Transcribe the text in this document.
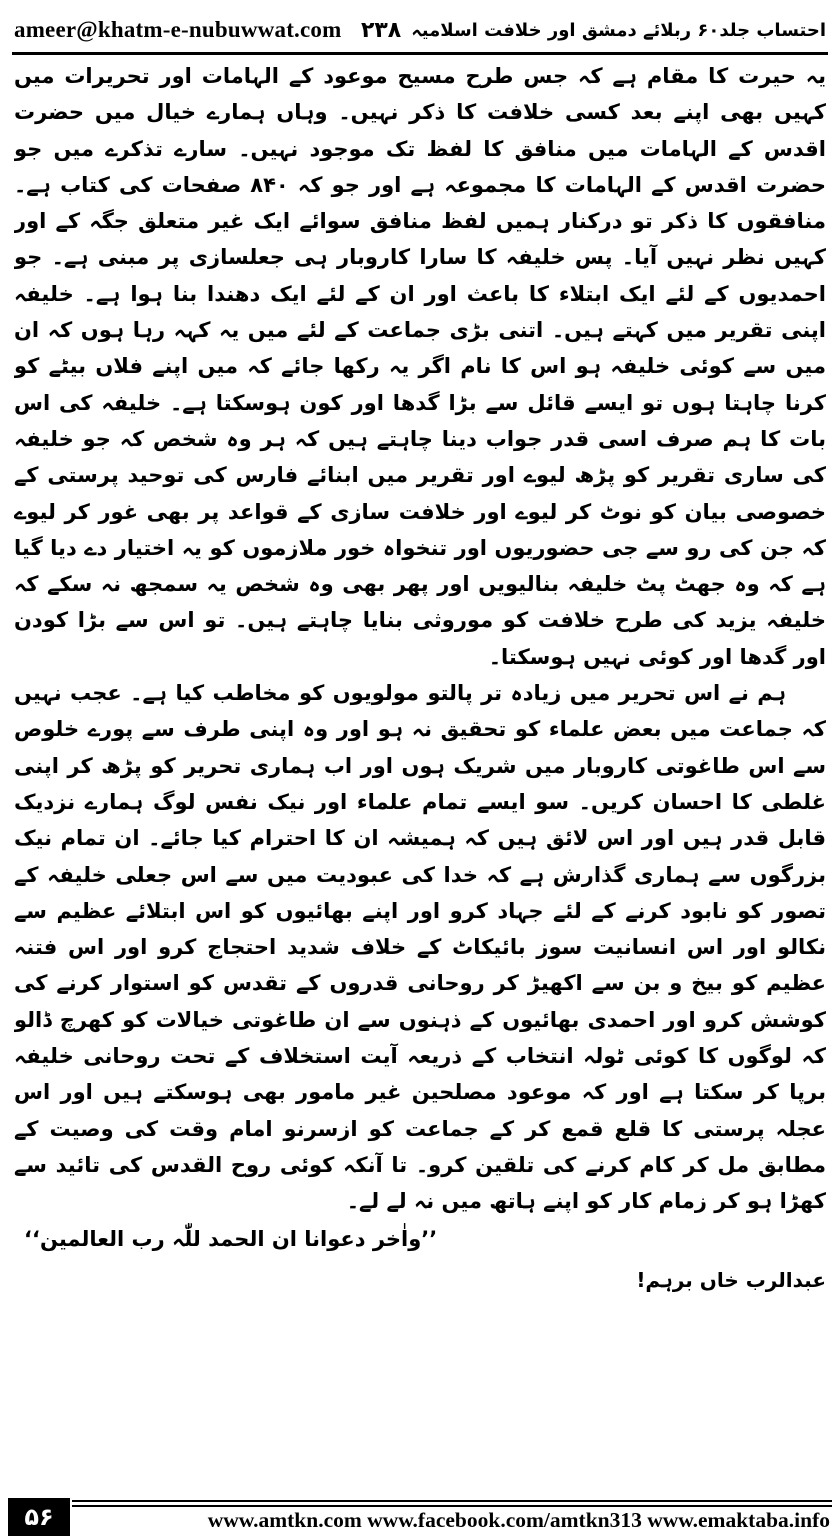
ameer@khatm-e-nubuwwat.com	احتساب جلد۶۰ ربلائے دمشق اور خلافت اسلامیہ
۲۳۸

یہ حیرت کا مقام ہے کہ جس طرح مسیح موعود کے الہامات اور تحریرات میں کہیں بھی اپنے بعد کسی خلافت کا ذکر نہیں۔ وہاں ہمارے خیال میں حضرت اقدس کے الہامات میں منافق کا لفظ تک موجود نہیں۔ سارے تذکرے میں جو حضرت اقدس کے الہامات کا مجموعہ ہے اور جو کہ ۸۴۰ صفحات کی کتاب ہے۔ منافقوں کا ذکر تو درکنار ہمیں لفظ منافق سوائے ایک غیر متعلق جگہ کے اور کہیں نظر نہیں آیا۔ پس خلیفہ کا سارا کاروبار ہی جعلسازی پر مبنی ہے۔ جو احمدیوں کے لئے ایک ابتلاء کا باعث اور ان کے لئے ایک دھندا بنا ہوا ہے۔ خلیفہ اپنی تقریر میں کہتے ہیں۔ اتنی بڑی جماعت کے لئے میں یہ کہہ رہا ہوں کہ ان میں سے کوئی خلیفہ ہو اس کا نام اگر یہ رکھا جائے کہ میں اپنے فلاں بیٹے کو کرنا چاہتا ہوں تو ایسے قائل سے بڑا گدھا اور کون ہوسکتا ہے۔ خلیفہ کی اس بات کا ہم صرف اسی قدر جواب دینا چاہتے ہیں کہ ہر وہ شخص کہ جو خلیفہ کی ساری تقریر کو پڑھ لیوے اور تقریر میں ابنائے فارس کی توحید پرستی کے خصوصی بیان کو نوٹ کر لیوے اور خلافت سازی کے قواعد پر بھی غور کر لیوے کہ جن کی رو سے جی حضوریوں اور تنخواہ خور ملازموں کو یہ اختیار دے دیا گیا ہے کہ وہ جھٹ پٹ خلیفہ بنالیویں اور پھر بھی وہ شخص یہ سمجھ نہ سکے کہ خلیفہ یزید کی طرح خلافت کو موروثی بنایا چاہتے ہیں۔ تو اس سے بڑا کودن اور گدھا اور کوئی نہیں ہوسکتا۔

ہم نے اس تحریر میں زیادہ تر پالتو مولویوں کو مخاطب کیا ہے۔ عجب نہیں کہ جماعت میں بعض علماء کو تحقیق نہ ہو اور وہ اپنی طرف سے پورے خلوص سے اس طاغوتی کاروبار میں شریک ہوں اور اب ہماری تحریر کو پڑھ کر اپنی غلطی کا احسان کریں۔ سو ایسے تمام علماء اور نیک نفس لوگ ہمارے نزدیک قابل قدر ہیں اور اس لائق ہیں کہ ہمیشہ ان کا احترام کیا جائے۔ ان تمام نیک بزرگوں سے ہماری گذارش ہے کہ خدا کی عبودیت میں سے اس جعلی خلیفہ کے تصور کو نابود کرنے کے لئے جہاد کرو اور اپنے بھائیوں کو اس ابتلائے عظیم سے نکالو اور اس انسانیت سوز بائیکاٹ کے خلاف شدید احتجاج کرو اور اس فتنہ عظیم کو بیخ و بن سے اکھیڑ کر روحانی قدروں کے تقدس کو استوار کرنے کی کوشش کرو اور احمدی بھائیوں کے ذہنوں سے ان طاغوتی خیالات کو کھرچ ڈالو کہ لوگوں کا کوئی ٹولہ انتخاب کے ذریعہ آیت استخلاف کے تحت روحانی خلیفہ برپا کر سکتا ہے اور کہ موعود مصلحین غیر مامور بھی ہوسکتے ہیں اور اس عجلہ پرستی کا قلع قمع کر کے جماعت کو ازسرنو امام وقت کی وصیت کے مطابق مل کر کام کرنے کی تلقین کرو۔ تا آنکہ کوئی روح القدس کی تائید سے کھڑا ہو کر زمام کار کو اپنے ہاتھ میں نہ لے لے۔

’’واٰخر دعوانا ان الحمد للّٰہ رب العالمین‘‘

عبدالرب خاں برہم!

۵۶	www.amtkn.com www.facebook.com/amtkn313 www.emaktaba.info
